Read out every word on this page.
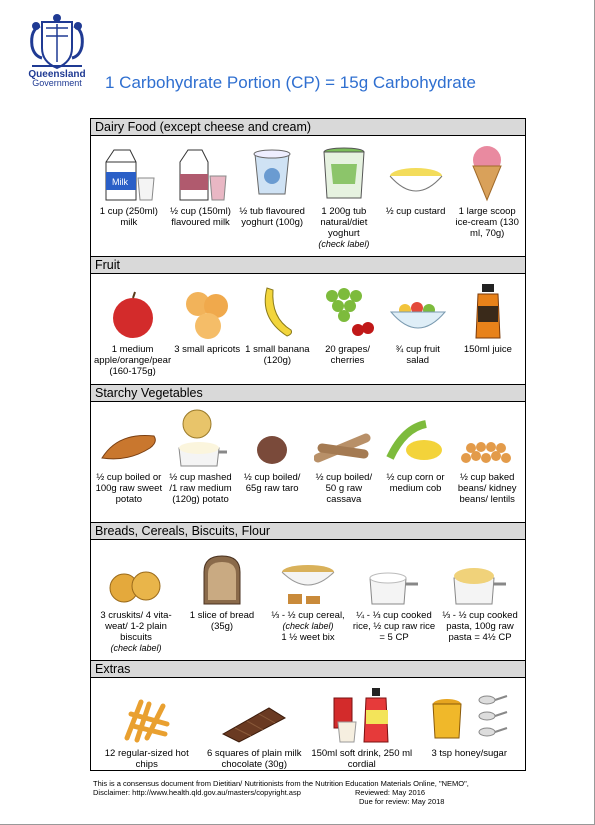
Queensland
Government	1 Carbohydrate Portion (CP) = 15g Carbohydrate
Dairy Food (except cheese and cream)
Milk
1 cup (250ml) milk
½ cup (150ml) flavoured milk
½ tub flavoured yoghurt (100g)
1 200g tub natural/diet yoghurt
(check label)
½ cup custard	1 large scoop ice-cream (130 ml, 70g)
Fruit
1 medium apple/orange/pear (160-175g)
3 small apricots 1 small banana (120g)
20 grapes/ cherries
¾ cup fruit salad
150ml juice
Starchy Vegetables
½ cup boiled or 100g raw sweet potato
½ cup mashed /1 raw medium (120g) potato
½ cup boiled/ 65g raw taro
½ cup boiled/ 50 g raw cassava
½ cup corn or medium cob
½ cup baked beans/ kidney beans/ lentils
Breads, Cereals, Biscuits, Flour
3 cruskits/ 4 vita-weat/ 1-2 plain biscuits
(check label)
1 slice of bread (35g)
⅓ - ½ cup cereal,
(check label)
1 ½ weet bix
¼ - ⅓ cup cooked rice, ½ cup raw rice = 5 CP
⅓ - ½ cup cooked pasta, 100g raw pasta = 4½ CP
Extras
12 regular-sized hot chips
6 squares of plain milk chocolate (30g)
150ml soft drink, 250 ml cordial
3 tsp honey/sugar
This is a consensus document from Dietitian/ Nutritionists from the Nutrition Education Materials Online, "NEMO",
Disclaimer: http://www.health.qld.gov.au/masters/copyright.asp	Reviewed: May 2016
Due for review: May 2018
